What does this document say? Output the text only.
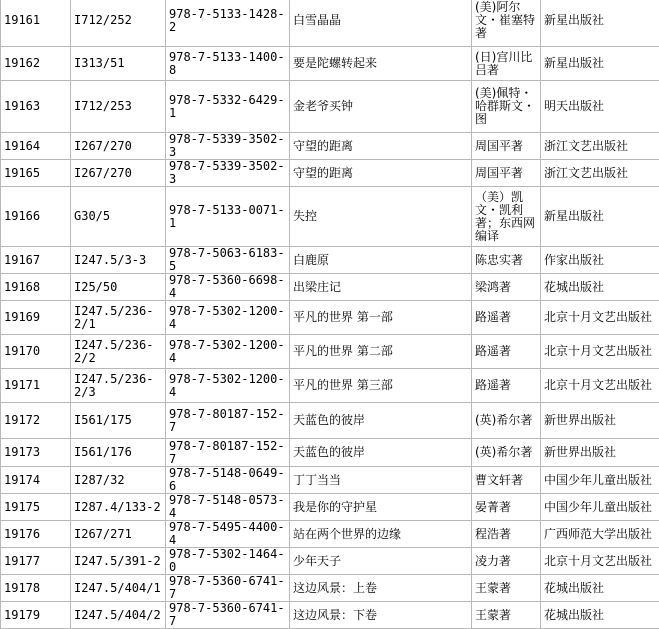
19161	I712/252	978-7-5133-1428-2	白雪晶晶	(美)阿尔文・崔塞特著	新星出版社
19162	I313/51	978-7-5133-1400-8	要是陀螺转起来	(日)宫川比吕著	新星出版社
19163	I712/253	978-7-5332-6429-1	金老爷买钟	(美)佩特・哈群斯文・图	明天出版社
19164	I267/270	978-7-5339-3502-3	守望的距离	周国平著	浙江文艺出版社
19165	I267/270	978-7-5339-3502-3	守望的距离	周国平著	浙江文艺出版社
19166	G30/5	978-7-5133-0071-1	失控	（美）凯文・凯利著；东西网编译	新星出版社
19167	I247.5/3-3	978-7-5063-6183-5	白鹿原	陈忠实著	作家出版社
19168	I25/50	978-7-5360-6698-4	出梁庄记	梁鸿著	花城出版社
19169	I247.5/236-2/1	978-7-5302-1200-4	平凡的世界 第一部	路遥著	北京十月文艺出版社
19170	I247.5/236-2/2	978-7-5302-1200-4	平凡的世界 第二部	路遥著	北京十月文艺出版社
19171	I247.5/236-2/3	978-7-5302-1200-4	平凡的世界 第三部	路遥著	北京十月文艺出版社
19172	I561/175	978-7-80187-152-7	天蓝色的彼岸	(英)希尔著	新世界出版社
19173	I561/176	978-7-80187-152-7	天蓝色的彼岸	(英)希尔著	新世界出版社
19174	I287/32	978-7-5148-0649-6	丁丁当当	曹文轩著	中国少年儿童出版社

19175	I287.4/133-2	978-7-5148-0573-4	我是你的守护星	晏菁著	中国少年儿童出版社

19176	I267/271	978-7-5495-4400-4	站在两个世界的边缘	程浩著	广西师范大学出版社

19177	I247.5/391-2	978-7-5302-1464-0	少年天子	凌力著	北京十月文艺出版社

19178	I247.5/404/1	978-7-5360-6741-7	这边风景：上卷	王蒙著	花城出版社
19179	I247.5/404/2	978-7-5360-6741-7	这边风景：下卷	王蒙著	花城出版社
